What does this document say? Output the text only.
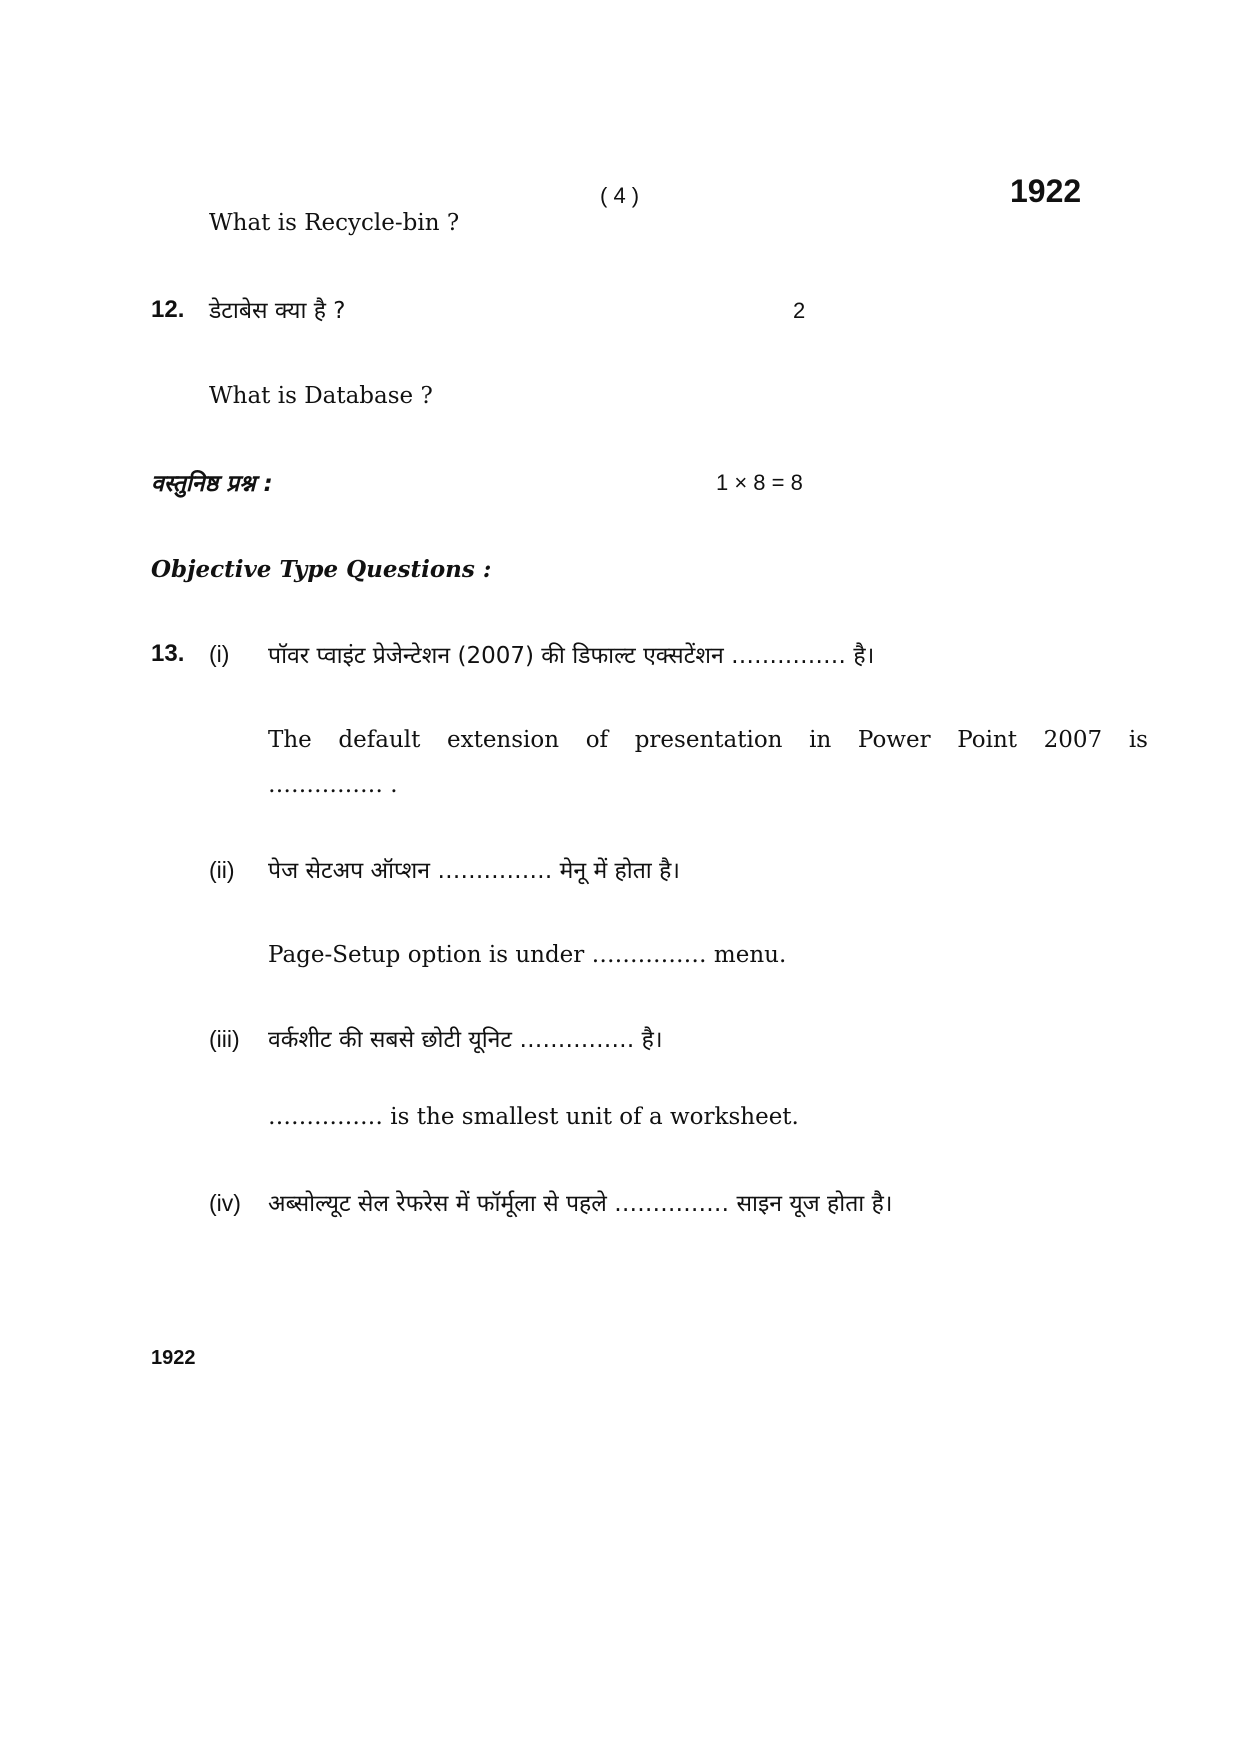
( 4 )	1922
What is Recycle-bin ?
12. डेटाबेस क्या है ?	2
What is Database ?
वस्तुनिष्ठ प्रश्न :	1 × 8 = 8
Objective Type Questions :
13. (i) पॉवर प्वाइंट प्रेजेन्टेशन (2007) की डिफाल्ट एक्सटेंशन …………… है।
The default extension of presentation in Power Point 2007 is
…………… .
(ii) पेज सेटअप ऑप्शन …………… मेनू में होता है।
Page-Setup option is under …………… menu.
(iii) वर्कशीट की सबसे छोटी यूनिट …………… है।
…………… is the smallest unit of a worksheet.
(iv) अब्सोल्यूट सेल रेफरेस में फॉर्मूला से पहले …………… साइन यूज होता है।
1922
